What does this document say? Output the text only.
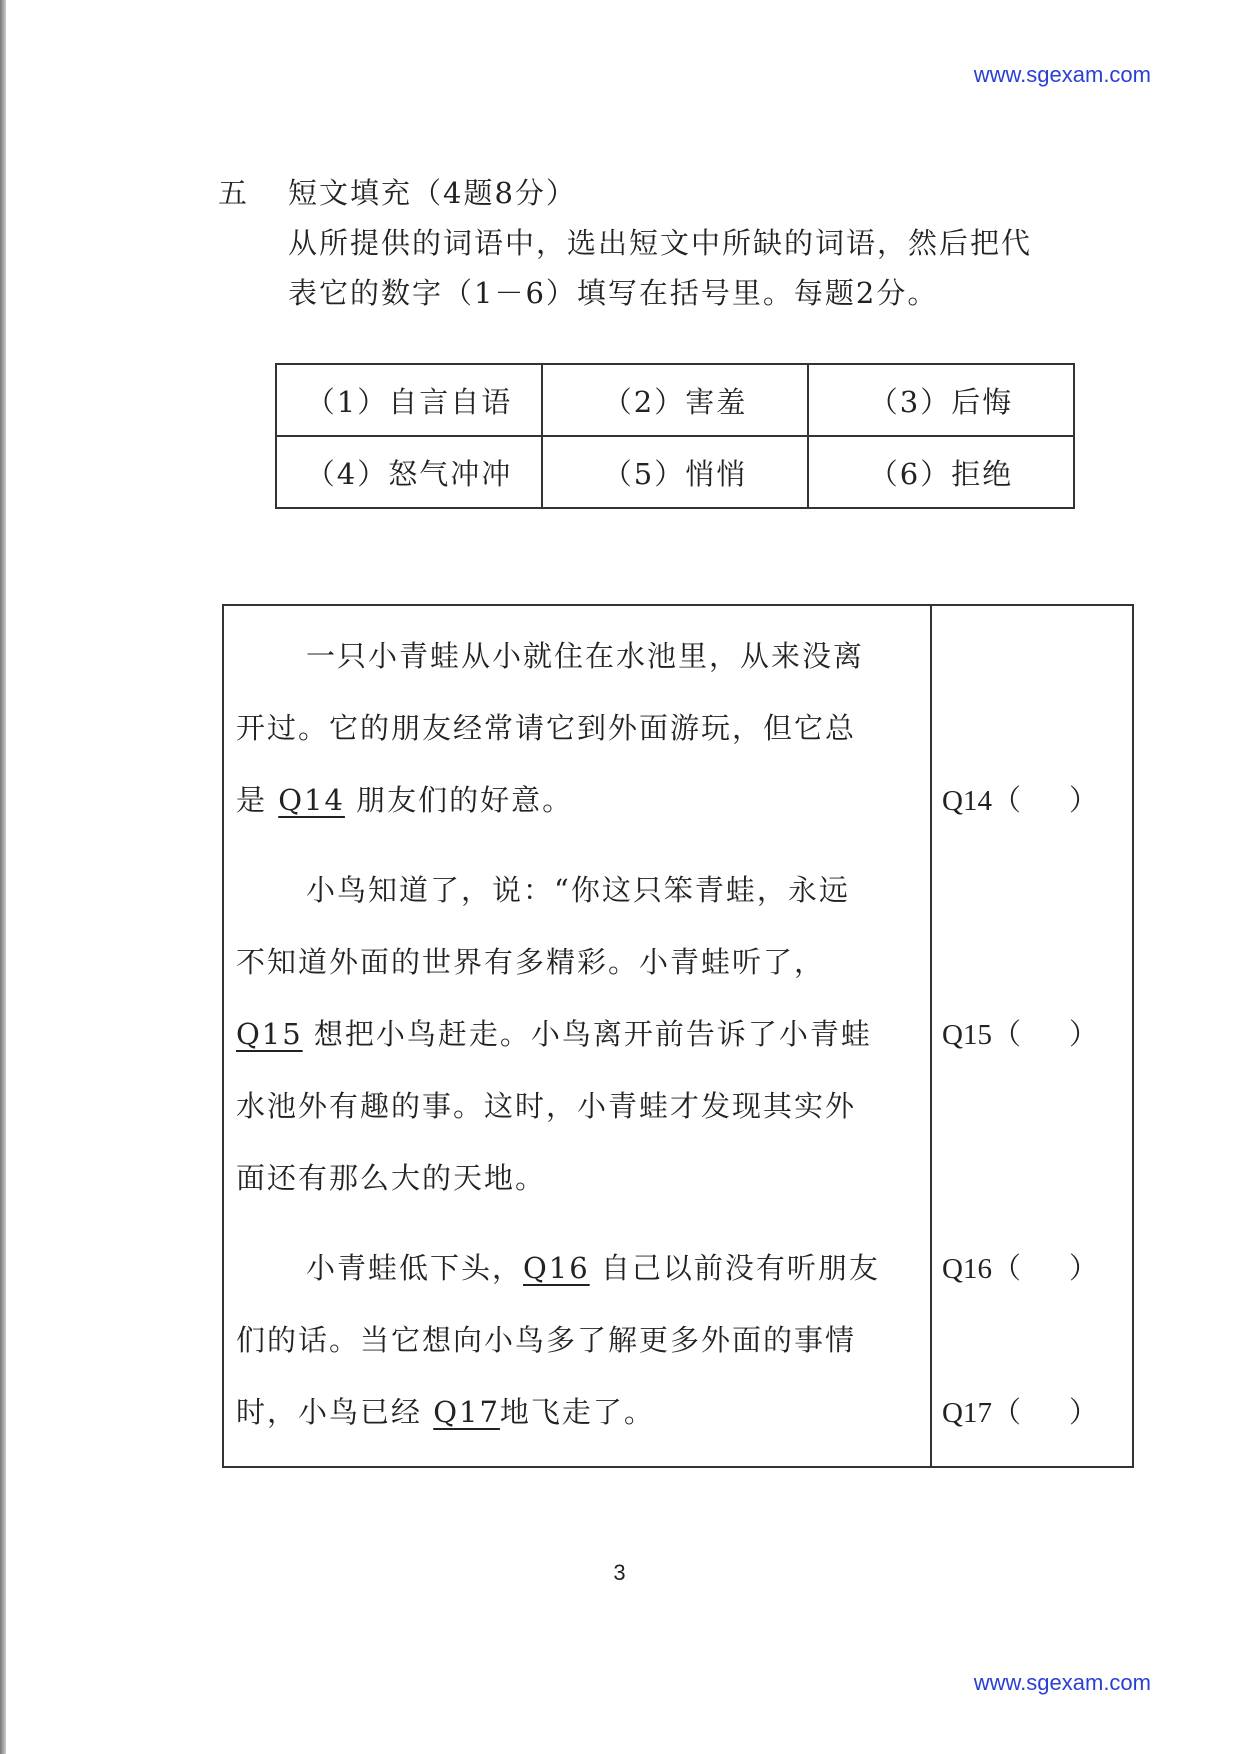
www.sgexam.com
五 短文填充（4题8分）
从所提供的词语中，选出短文中所缺的词语，然后把代
表它的数字（1－6）填写在括号里。每题2分。
（1）自言自语	（2）害羞	（3）后悔
（4）怒气冲冲	（5）悄悄	（6）拒绝
一只小青蛙从小就住在水池里，从来没离
开过。它的朋友经常请它到外面游玩，但它总
是 Q14 朋友们的好意。
小鸟知道了，说：“你这只笨青蛙，永远
不知道外面的世界有多精彩。小青蛙听了，
Q15 想把小鸟赶走。小鸟离开前告诉了小青蛙
水池外有趣的事。这时，小青蛙才发现其实外
面还有那么大的天地。
小青蛙低下头，Q16 自己以前没有听朋友
们的话。当它想向小鸟多了解更多外面的事情
时，小鸟已经 Q17地飞走了。
Q14（ ）
Q15（ ）
Q16（ ）
Q17（ ）
3
www.sgexam.com
